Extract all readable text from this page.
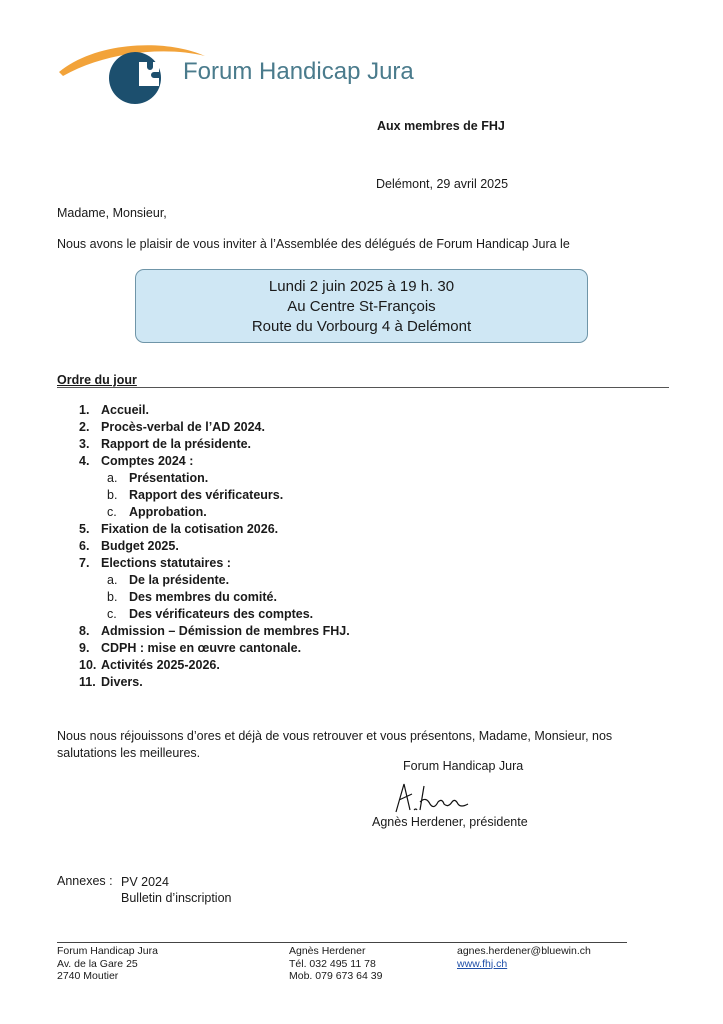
Forum Handicap Jura
Aux membres de FHJ
Delémont, 29 avril 2025
Madame, Monsieur,
Nous avons le plaisir de vous inviter à l’Assemblée des délégués de Forum Handicap Jura le
Lundi 2 juin 2025 à 19 h. 30
Au Centre St-François
Route du Vorbourg 4 à Delémont
Ordre du jour
1. Accueil.
2. Procès-verbal de l’AD 2024.
3. Rapport de la présidente.
4. Comptes 2024 :
a. Présentation.
b. Rapport des vérificateurs.
c. Approbation.
5. Fixation de la cotisation 2026.
6. Budget 2025.
7. Elections statutaires :
a. De la présidente.
b. Des membres du comité.
c. Des vérificateurs des comptes.
8. Admission – Démission de membres FHJ.
9. CDPH : mise en œuvre cantonale.
10. Activités 2025-2026.
11. Divers.
Nous nous réjouissons d’ores et déjà de vous retrouver et vous présentons, Madame, Monsieur, nos
salutations les meilleures.
Forum Handicap Jura
Agnès Herdener, présidente
Annexes : PV 2024
Bulletin d’inscription
Forum Handicap Jura
Av. de la Gare 25
2740 Moutier
Agnès Herdener
Tél. 032 495 11 78
Mob. 079 673 64 39
agnes.herdener@bluewin.ch
www.fhj.ch
